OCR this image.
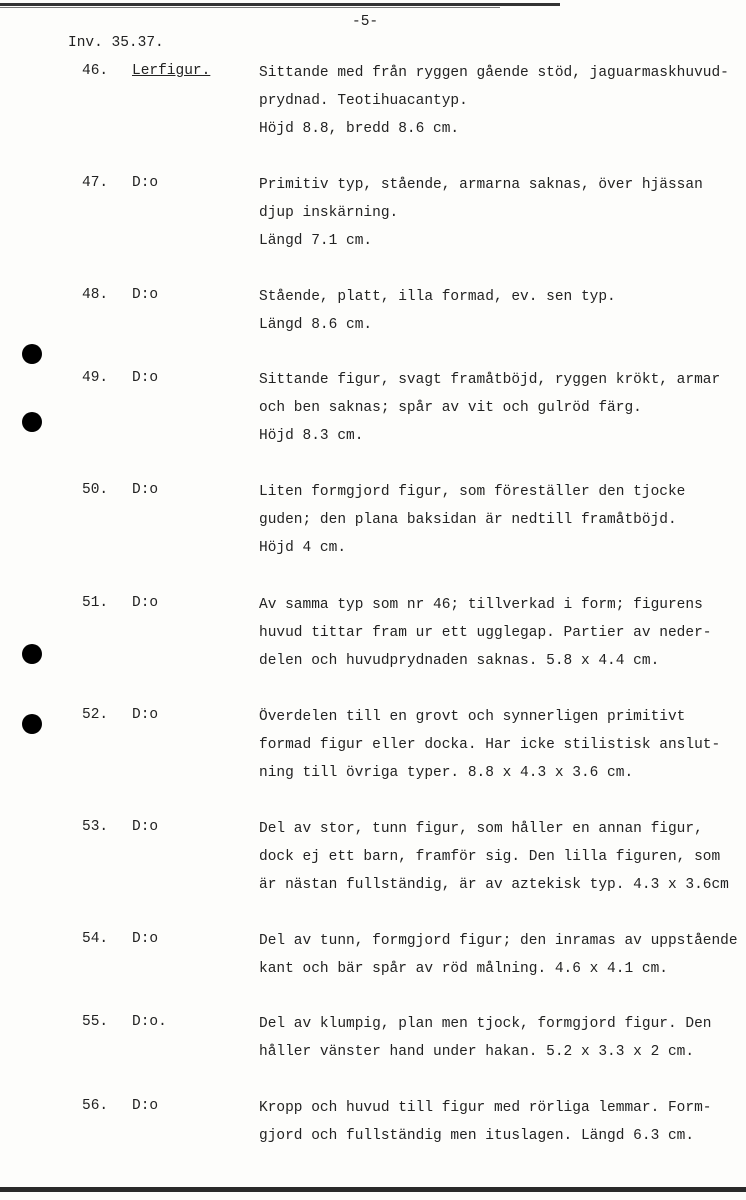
-5-
Inv. 35.37.
46. Lerfigur.	Sittande med från ryggen gående stöd, jaguarmaskhuvud-
prydnad. Teotihuacantyp.
Höjd 8.8, bredd 8.6 cm.
47. D:o	Primitiv typ, stående, armarna saknas, över hjässan
djup inskärning.
Längd 7.1 cm.
48. D:o	Stående, platt, illa formad, ev. sen typ.
Längd 8.6 cm.
49. D:o	Sittande figur, svagt framåtböjd, ryggen krökt, armar
och ben saknas; spår av vit och gulröd färg.
Höjd 8.3 cm.
50. D:o	Liten formgjord figur, som föreställer den tjocke
guden; den plana baksidan är nedtill framåtböjd.
Höjd 4 cm.
51. D:o	Av samma typ som nr 46; tillverkad i form; figurens
huvud tittar fram ur ett ugglegap. Partier av neder-
delen och huvudprydnaden saknas. 5.8 x 4.4 cm.
52. D:o	Överdelen till en grovt och synnerligen primitivt
formad figur eller docka. Har icke stilistisk anslut-
ning till övriga typer. 8.8 x 4.3 x 3.6 cm.
53. D:o	Del av stor, tunn figur, som håller en annan figur,
dock ej ett barn, framför sig. Den lilla figuren, som
är nästan fullständig, är av aztekisk typ. 4.3 x 3.6cm
54. D:o	Del av tunn, formgjord figur; den inramas av uppstående
kant och bär spår av röd målning. 4.6 x 4.1 cm.
55. D:o.	Del av klumpig, plan men tjock, formgjord figur. Den
håller vänster hand under hakan. 5.2 x 3.3 x 2 cm.
56. D:o	Kropp och huvud till figur med rörliga lemmar. Form-
gjord och fullständig men ituslagen. Längd 6.3 cm.
